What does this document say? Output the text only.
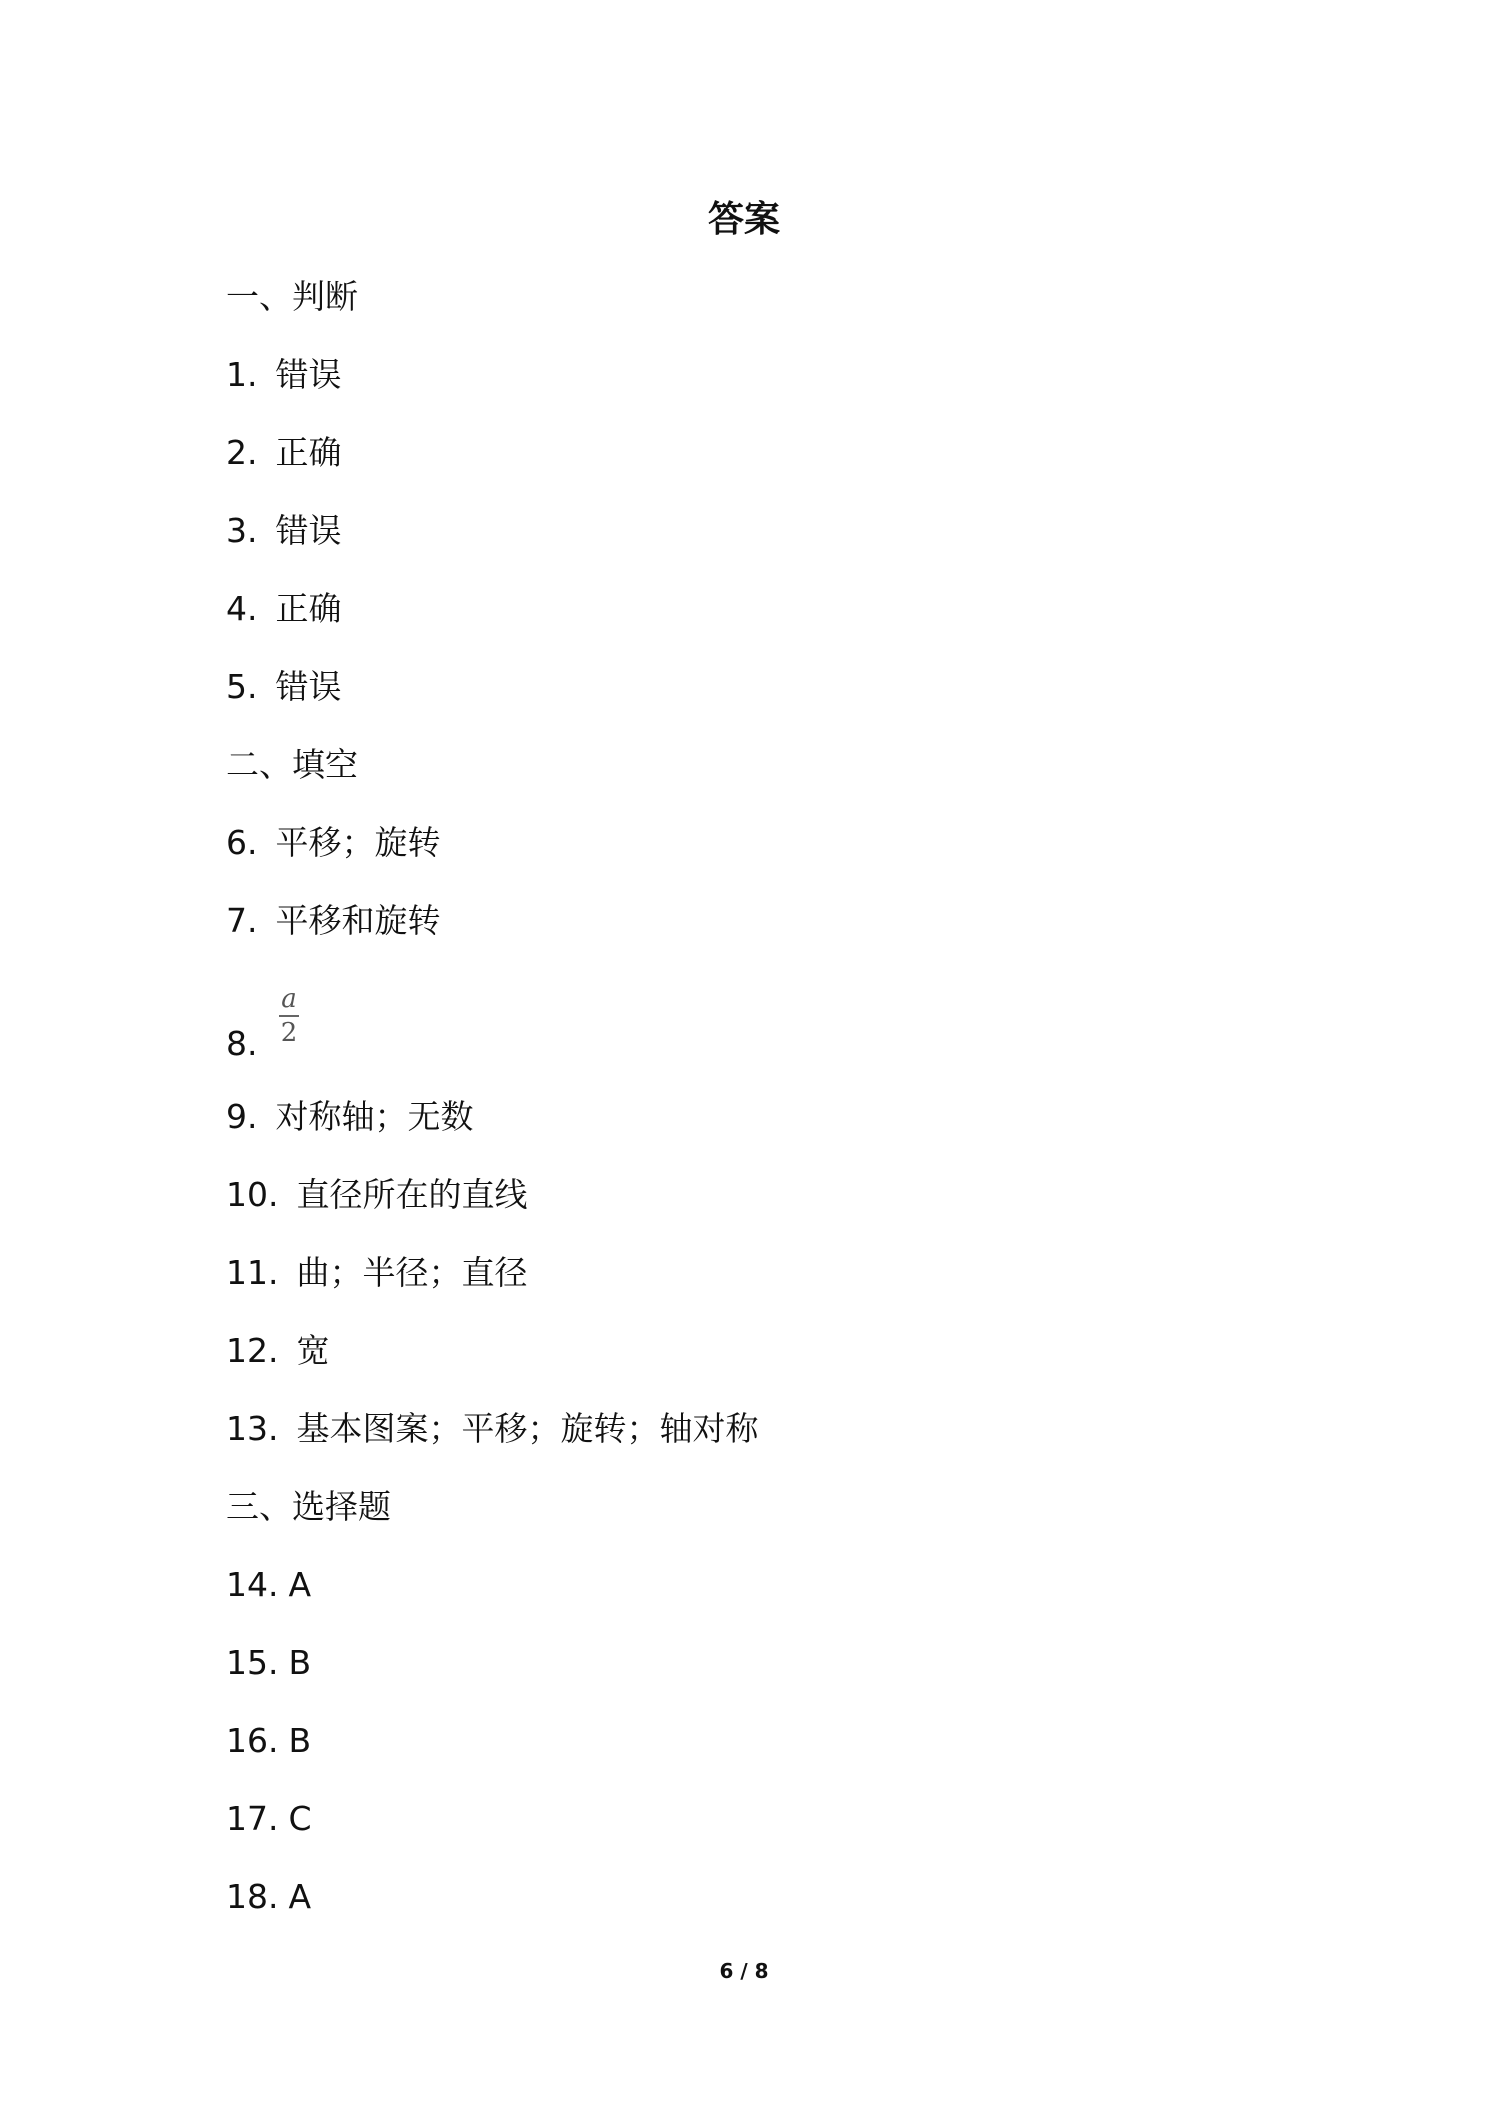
答案
一、判断
1. 错误
2. 正确
3. 错误
4. 正确
5. 错误
二、填空
6. 平移；旋转
7. 平移和旋转
8.
a
2
9. 对称轴；无数
10. 直径所在的直线
11. 曲；半径；直径
12. 宽
13. 基本图案；平移；旋转；轴对称
三、选择题
14. A
15. B
16. B
17. C
18. A
6 / 8
